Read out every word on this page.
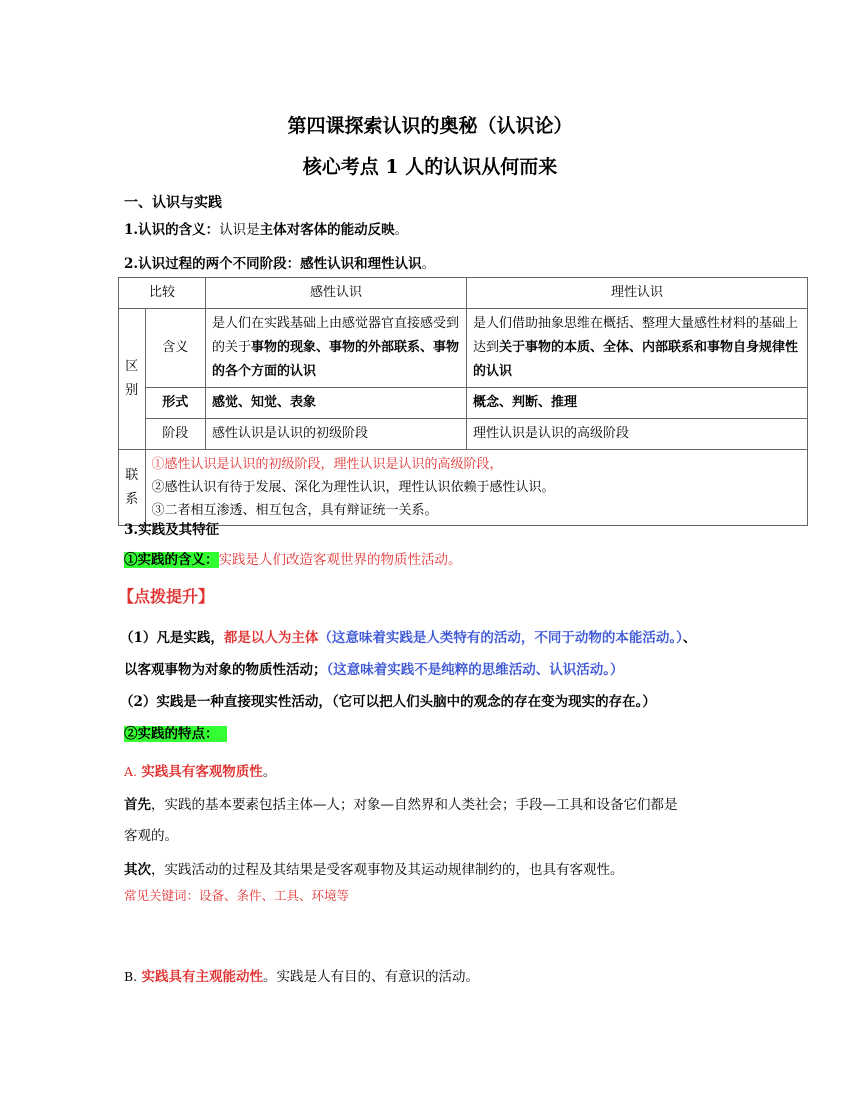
第四课探索认识的奥秘（认识论）
核心考点 1 人的认识从何而来
一、认识与实践
1.认识的含义：认识是主体对客体的能动反映。
2.认识过程的两个不同阶段：感性认识和理性认识。
比较		感性认识	理性认识
区别	含义	是人们在实践基础上由感觉器官直接感受到的关于事物的现象、事物的外部联系、事物的各个方面的认识	是人们借助抽象思维在概括、整理大量感性材料的基础上达到关于事物的本质、全体、内部联系和事物自身规律性的认识
	形式	感觉、知觉、表象	概念、判断、推理
	阶段	感性认识是认识的初级阶段	理性认识是认识的高级阶段
联系	①感性认识是认识的初级阶段，理性认识是认识的高级阶段，
②感性认识有待于发展、深化为理性认识，理性认识依赖于感性认识。
③二者相互渗透、相互包含，具有辩证统一关系。		
3.实践及其特征
①实践的含义：实践是人们改造客观世界的物质性活动。
【点拨提升】
（1）凡是实践，都是以人为主体（这意味着实践是人类特有的活动，不同于动物的本能活动。）、
以客观事物为对象的物质性活动；（这意味着实践不是纯粹的思维活动、认识活动。）
（2）实践是一种直接现实性活动，（它可以把人们头脑中的观念的存在变为现实的存在。）
②实践的特点：
A. 实践具有客观物质性。
首先，实践的基本要素包括主体—人；对象—自然界和人类社会；手段—工具和设备它们都是
客观的。
其次，实践活动的过程及其结果是受客观事物及其运动规律制约的，也具有客观性。
常见关键词：设备、条件、工具、环境等
B. 实践具有主观能动性。实践是人有目的、有意识的活动。
